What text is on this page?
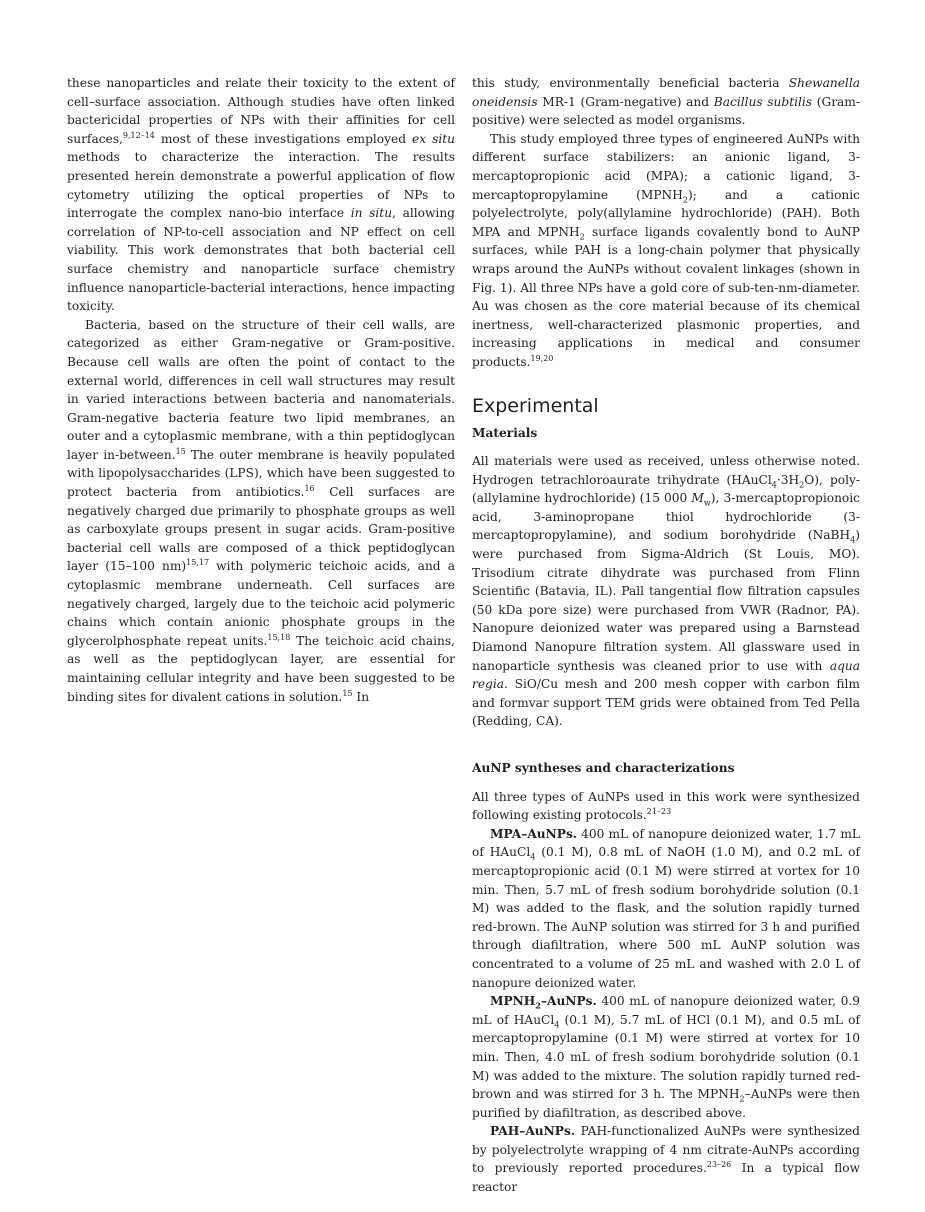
these nanoparticles and relate their toxicity to the extent of cell–surface association. Although studies have often linked bactericidal properties of NPs with their affinities for cell surfaces,$^{9,12-14}$ most of these investigations employed ex situ methods to characterize the interaction. The results presented herein demonstrate a powerful application of flow cytometry utilizing the optical properties of NPs to interrogate the complex nano-bio interface in situ, allowing correlation of NP-to-cell association and NP effect on cell viability. This work demonstrates that both bacterial cell surface chemistry and nanoparticle surface chemistry influence nanoparticle-bacterial interactions, hence impacting toxicity.

Bacteria, based on the structure of their cell walls, are categorized as either Gram-negative or Gram-positive. Because cell walls are often the point of contact to the external world, differences in cell wall structures may result in varied interactions between bacteria and nanomaterials. Gram-negative bacteria feature two lipid membranes, an outer and a cytoplasmic membrane, with a thin peptidoglycan layer in-between.$^{15}$ The outer membrane is heavily populated with lipopolysaccharides (LPS), which have been suggested to protect bacteria from antibiotics.$^{16}$ Cell surfaces are negatively charged due primarily to phosphate groups as well as carboxylate groups present in sugar acids. Gram-positive bacterial cell walls are composed of a thick peptidoglycan layer (15–100 nm)$^{15,17}$ with polymeric teichoic acids, and a cytoplasmic membrane underneath. Cell surfaces are negatively charged, largely due to the teichoic acid polymeric chains which contain anionic phosphate groups in the glycerolphosphate repeat units.$^{15,18}$ The teichoic acid chains, as well as the peptidoglycan layer, are essential for maintaining cellular integrity and have been suggested to be binding sites for divalent cations in solution.$^{15}$ In

this study, environmentally beneficial bacteria Shewanella oneidensis MR-1 (Gram-negative) and Bacillus subtilis (Gram-positive) were selected as model organisms.

This study employed three types of engineered AuNPs with different surface stabilizers: an anionic ligand, 3-mercaptopropionic acid (MPA); a cationic ligand, 3-mercaptopropylamine $(MPNH_2)$; and a cationic polyelectrolyte, poly(allylamine hydrochloride) (PAH). Both MPA and $MPNH_2$ surface ligands covalently bond to AuNP surfaces, while PAH is a long-chain polymer that physically wraps around the AuNPs without covalent linkages (shown in Fig. 1). All three NPs have a gold core of sub-ten-nm-diameter. Au was chosen as the core material because of its chemical inertness, well-characterized plasmonic properties, and increasing applications in medical and consumer products.$^{19,20}$

Experimental
Materials

All materials were used as received, unless otherwise noted. Hydrogen tetrachloroaurate trihydrate $(HAuCl_4\cdot 3H_2O)$, poly-(allylamine hydrochloride) (15 000 $M_w$), 3-mercaptopropionoic acid, 3-aminopropane thiol hydrochloride (3-mercaptopropylamine), and sodium borohydride (NaBH$_4$) were purchased from Sigma-Aldrich (St Louis, MO). Trisodium citrate dihydrate was purchased from Flinn Scientific (Batavia, IL). Pall tangential flow filtration capsules (50 kDa pore size) were purchased from VWR (Radnor, PA). Nanopure deionized water was prepared using a Barnstead Diamond Nanopure filtration system. All glassware used in nanoparticle synthesis was cleaned prior to use with aqua regia. SiO/Cu mesh and 200 mesh copper with carbon film and formvar support TEM grids were obtained from Ted Pella (Redding, CA).

AuNP syntheses and characterizations

All three types of AuNPs used in this work were synthesized following existing protocols.$^{21-23}$

MPA–AuNPs. 400 mL of nanopure deionized water, 1.7 mL of HAuCl$_4$ (0.1 M), 0.8 mL of NaOH (1.0 M), and 0.2 mL of mercaptopropionic acid (0.1 M) were stirred at vortex for 10 min. Then, 5.7 mL of fresh sodium borohydride solution (0.1 M) was added to the flask, and the solution rapidly turned red-brown. The AuNP solution was stirred for 3 h and purified through diafiltration, where 500 mL AuNP solution was concentrated to a volume of 25 mL and washed with 2.0 L of nanopure deionized water.

$MPNH_2$–AuNPs. 400 mL of nanopure deionized water, 0.9 mL of HAuCl$_4$ (0.1 M), 5.7 mL of HCl (0.1 M), and 0.5 mL of mercaptopropylamine (0.1 M) were stirred at vortex for 10 min. Then, 4.0 mL of fresh sodium borohydride solution (0.1 M) was added to the mixture. The solution rapidly turned red-brown and was stirred for 3 h. The $MPNH_2$–AuNPs were then purified by diafiltration, as described above.

PAH–AuNPs. PAH-functionalized AuNPs were synthesized by polyelectrolyte wrapping of 4 nm citrate-AuNPs according to previously reported procedures.$^{23-26}$ In a typical flow reactor
